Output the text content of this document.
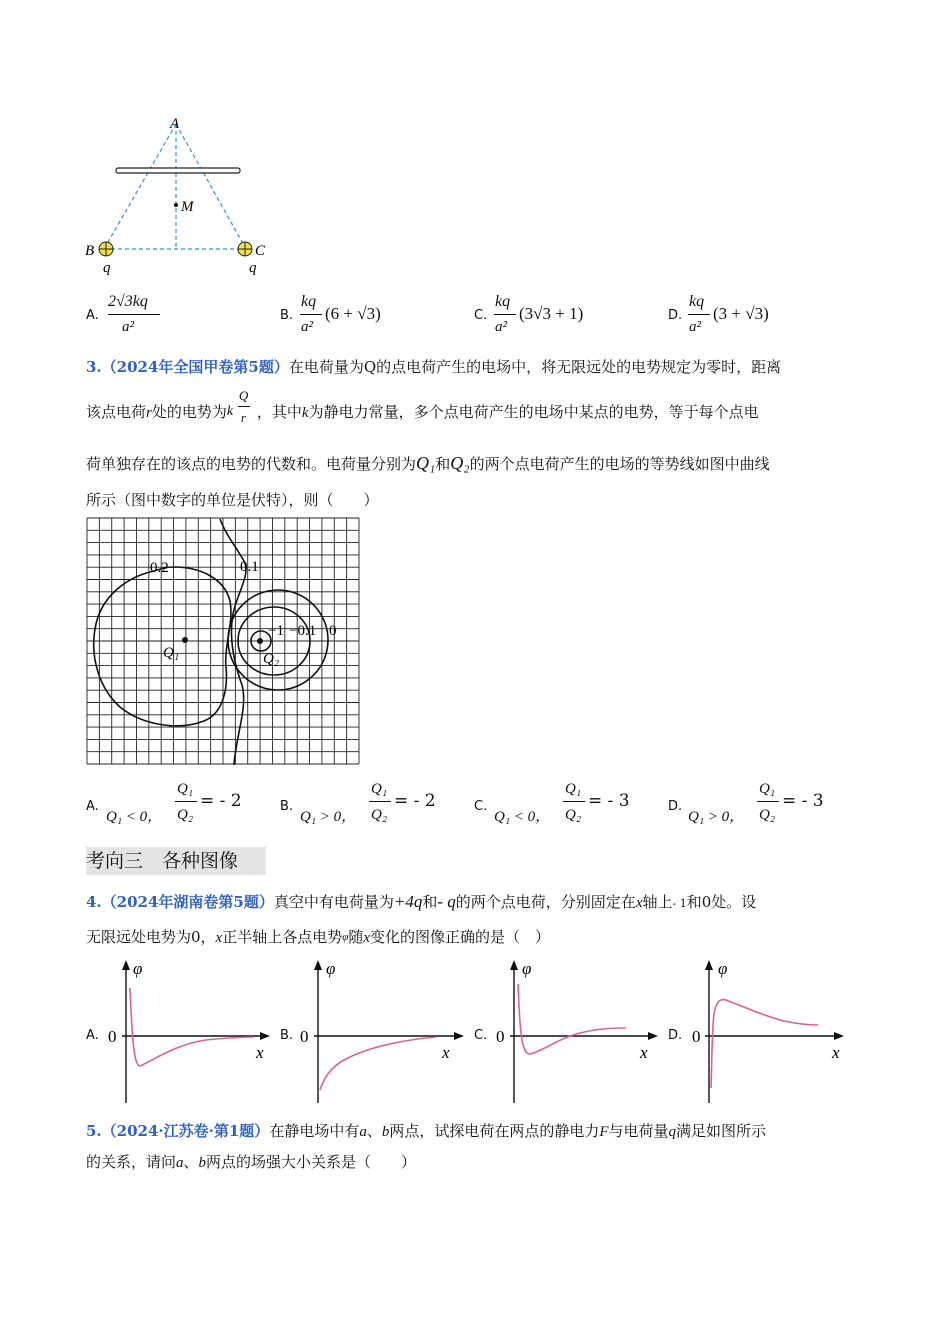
A
M
B	C
q	q
A.
2√3kq
a²
B.
kq
a²
(6 + √3)	C.
kq
a²
(3√3 + 1)	D.
kq
a²
(3 + √3)
3.（2024年全国甲卷第5题）在电荷量为Q的点电荷产生的电场中，将无限远处的电势规定为零时，距离
该点电荷r处的电势为 k
Q
r ，其中k为静电力常量，多个点电荷产生的电场中某点的电势，等于每个点电
荷单独存在的该点的电势的代数和。电荷量分别为Q₁和Q₂的两个点电荷产生的电场的等势线如图中曲线
所示（图中数字的单位是伏特），则（　　）
0.2	0.1
−1 −0.1 0
Q₁	Q₂
A.
Q₁ < 0，
Q₁
Q₂
= - 2	B.
Q₁ > 0，
Q₁
Q₂
= - 2	C.
Q₁ < 0，
Q₁
Q₂
= - 3	D.
Q₁ > 0，
Q₁
Q₂
= - 3
考向三　各种图像
4.（2024年湖南卷第5题）真空中有电荷量为+4q和- q的两个点电荷，分别固定在x轴上- 1和0处。设
无限远处电势为0，x正半轴上各点电势$^\varphi$随x变化的图像正确的是（　）
A.
φ
0
x
B.
φ
0
x
C.
φ
0
x
D.
φ
0
x
5.（2024·江苏卷·第1题）在静电场中有a、b两点，试探电荷在两点的静电力F与电荷量q满足如图所示
的关系，请问a、b两点的场强大小关系是（　　）
